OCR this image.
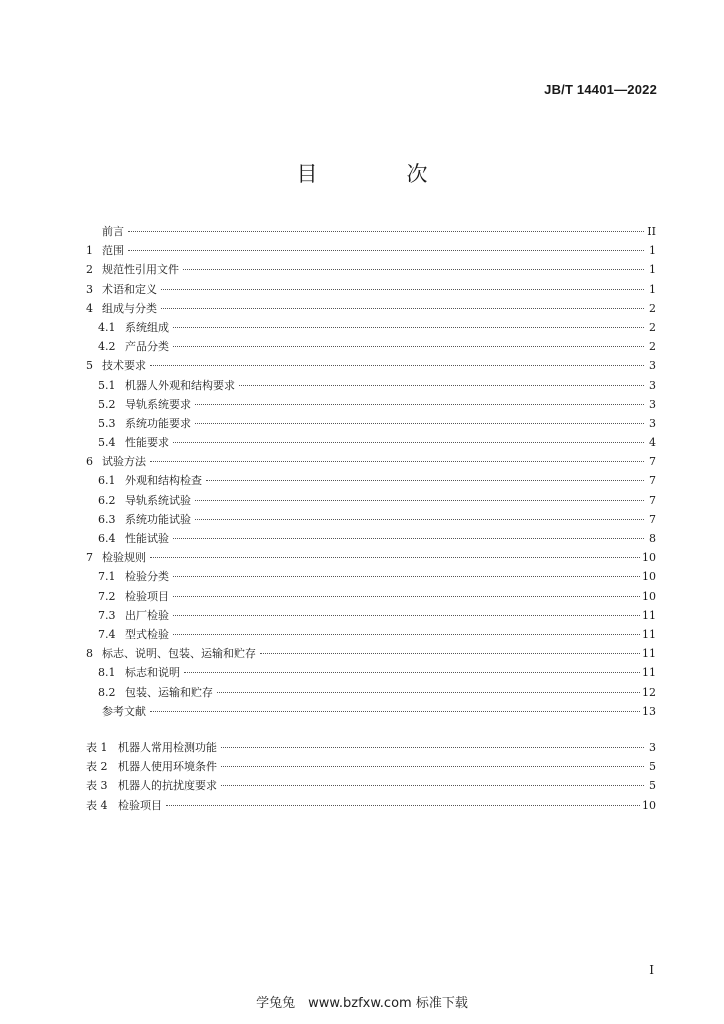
JB/T 14401—2022
目　次
前言	II
1 范围	1
2 规范性引用文件	1
3 术语和定义	1
4 组成与分类	2
4.1 系统组成	2
4.2 产品分类	2
5 技术要求	3
5.1 机器人外观和结构要求	3
5.2 导轨系统要求	3
5.3 系统功能要求	3
5.4 性能要求	4
6 试验方法	7
6.1 外观和结构检查	7
6.2 导轨系统试验	7
6.3 系统功能试验	7
6.4 性能试验	8
7 检验规则	10
7.1 检验分类	10
7.2 检验项目	10
7.3 出厂检验	11
7.4 型式检验	11
8 标志、说明、包装、运输和贮存	11
8.1 标志和说明	11
8.2 包装、运输和贮存	12
参考文献	13
表 1 机器人常用检测功能	3
表 2 机器人使用环境条件	5
表 3 机器人的抗扰度要求	5
表 4 检验项目	10
I
学兔兔　www.bzfxw.com 标准下载
